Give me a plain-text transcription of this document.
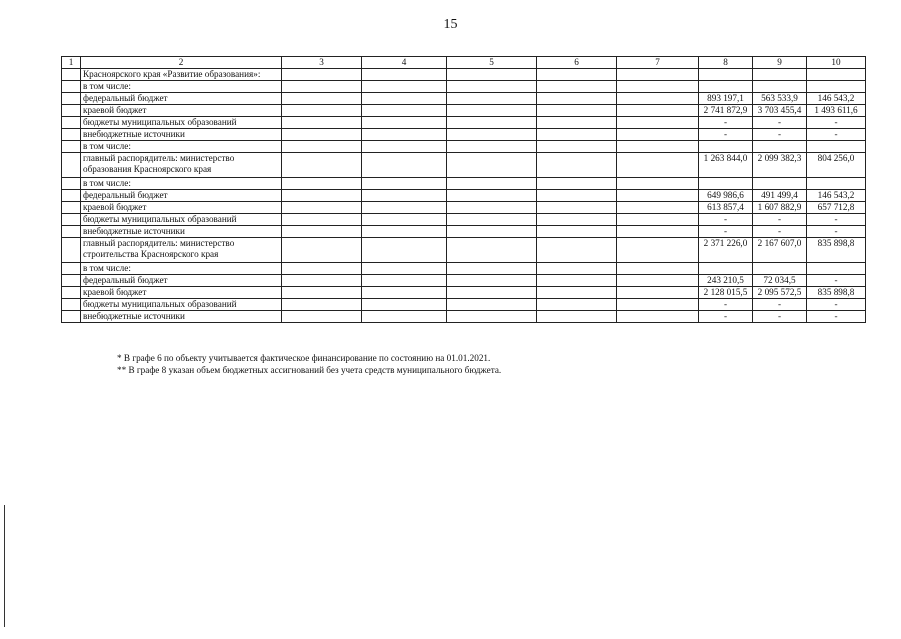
15
1	2	3	4	5	6	7	8	9	10
	Красноярского края «Развитие образования»:								
	в том числе:								
	федеральный бюджет						893 197,1	563 533,9	146 543,2
	краевой бюджет						2 741 872,9	3 703 455,4	1 493 611,6
	бюджеты муниципальных образований						-	-	-
	внебюджетные источники						-	-	-
	в том числе:								
	главный распорядитель: министерство образования Красноярского края						1 263 844,0	2 099 382,3	804 256,0
	в том числе:								
	федеральный бюджет						649 986,6	491 499,4	146 543,2
	краевой бюджет						613 857,4	1 607 882,9	657 712,8
	бюджеты муниципальных образований						-	-	-
	внебюджетные источники						-	-	-
	главный распорядитель: министерство строительства Красноярского края						2 371 226,0	2 167 607,0	835 898,8
	в том числе:								
	федеральный бюджет						243 210,5	72 034,5	-
	краевой бюджет						2 128 015,5	2 095 572,5	835 898,8
	бюджеты муниципальных образований						-	-	-
	внебюджетные источники						-	-	-
* В графе 6 по объекту учитывается фактическое финансирование по состоянию на 01.01.2021.
** В графе 8 указан объем бюджетных ассигнований без учета средств муниципального бюджета.
